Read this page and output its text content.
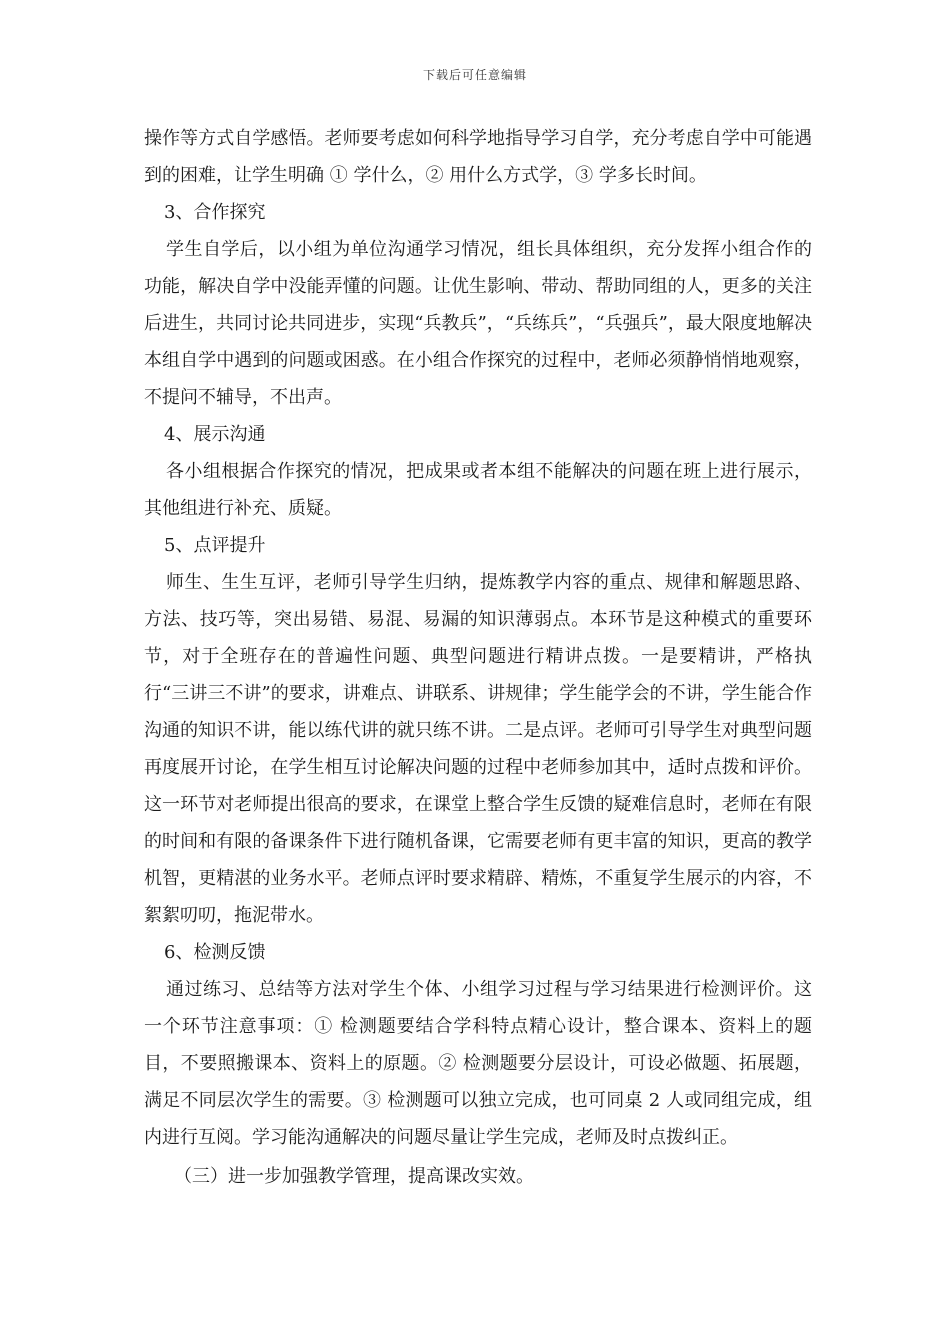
下载后可任意编辑

操作等方式自学感悟。老师要考虑如何科学地指导学习自学，充分考虑自学中可能遇到的困难，让学生明确 ① 学什么，② 用什么方式学，③ 学多长时间。

3、合作探究

学生自学后，以小组为单位沟通学习情况，组长具体组织，充分发挥小组合作的功能，解决自学中没能弄懂的问题。让优生影响、带动、帮助同组的人，更多的关注后进生，共同讨论共同进步，实现“兵教兵”，“兵练兵”，“兵强兵”，最大限度地解决本组自学中遇到的问题或困惑。在小组合作探究的过程中，老师必须静悄悄地观察，不提问不辅导，不出声。

4、展示沟通

各小组根据合作探究的情况，把成果或者本组不能解决的问题在班上进行展示，其他组进行补充、质疑。

5、点评提升

师生、生生互评，老师引导学生归纳，提炼教学内容的重点、规律和解题思路、方法、技巧等，突出易错、易混、易漏的知识薄弱点。本环节是这种模式的重要环节，对于全班存在的普遍性问题、典型问题进行精讲点拨。一是要精讲，严格执行“三讲三不讲”的要求，讲难点、讲联系、讲规律；学生能学会的不讲，学生能合作沟通的知识不讲，能以练代讲的就只练不讲。二是点评。老师可引导学生对典型问题再度展开讨论，在学生相互讨论解决问题的过程中老师参加其中，适时点拨和评价。这一环节对老师提出很高的要求，在课堂上整合学生反馈的疑难信息时，老师在有限的时间和有限的备课条件下进行随机备课，它需要老师有更丰富的知识，更高的教学机智，更精湛的业务水平。老师点评时要求精辟、精炼，不重复学生展示的内容，不絮絮叨叨，拖泥带水。

6、检测反馈

通过练习、总结等方法对学生个体、小组学习过程与学习结果进行检测评价。这一个环节注意事项：① 检测题要结合学科特点精心设计，整合课本、资料上的题目，不要照搬课本、资料上的原题。② 检测题要分层设计，可设必做题、拓展题，满足不同层次学生的需要。③ 检测题可以独立完成，也可同桌 2 人或同组完成，组内进行互阅。学习能沟通解决的问题尽量让学生完成，老师及时点拨纠正。

（三）进一步加强教学管理，提高课改实效。
